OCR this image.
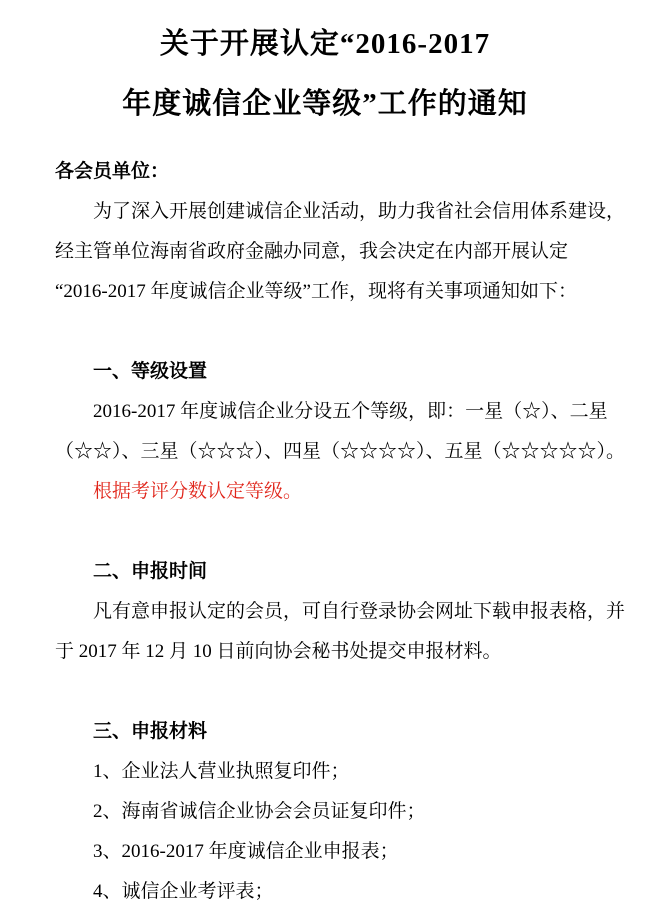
关于开展认定“2016-2017
年度诚信企业等级”工作的通知
各会员单位：
为了深入开展创建诚信企业活动，助力我省社会信用体系建设，
经主管单位海南省政府金融办同意，我会决定在内部开展认定
“2016-2017 年度诚信企业等级”工作，现将有关事项通知如下：
一、等级设置
2016-2017 年度诚信企业分设五个等级，即：一星（☆）、二星
（☆☆）、三星（☆☆☆）、四星（☆☆☆☆）、五星（☆☆☆☆☆）。
根据考评分数认定等级。
二、申报时间
凡有意申报认定的会员，可自行登录协会网址下载申报表格，并
于 2017 年 12 月 10 日前向协会秘书处提交申报材料。
三、申报材料
1、企业法人营业执照复印件；
2、海南省诚信企业协会会员证复印件；
3、2016-2017 年度诚信企业申报表；
4、诚信企业考评表；
